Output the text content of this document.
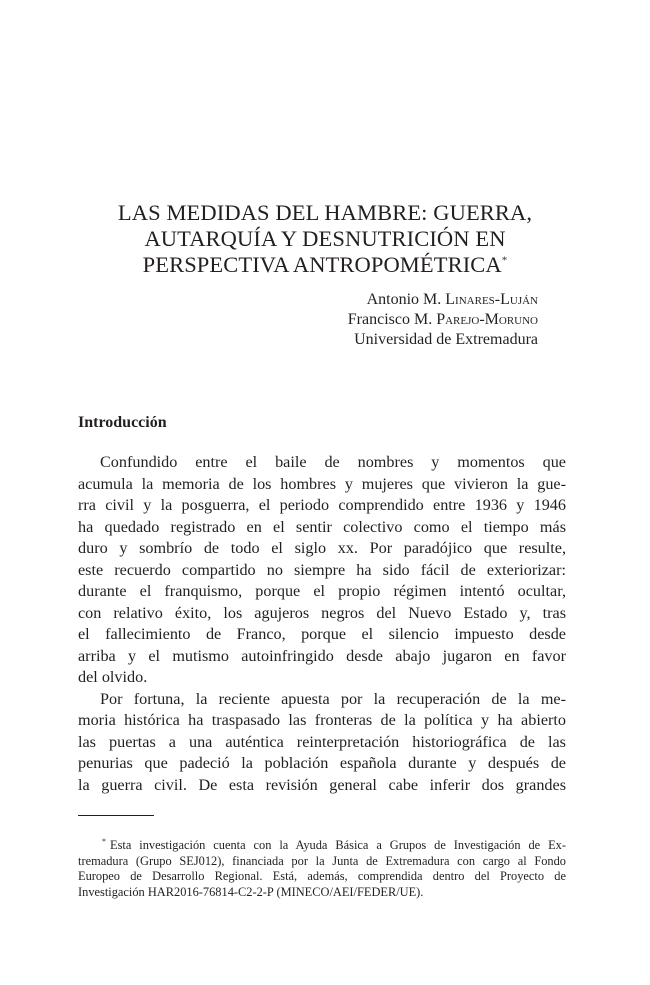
LAS MEDIDAS DEL HAMBRE: GUERRA,
AUTARQUÍA Y DESNUTRICIÓN EN
PERSPECTIVA ANTROPOMÉTRICA*
Antonio M. Linares-Luján
Francisco M. Parejo-Moruno
Universidad de Extremadura
Introducción
Confundido entre el baile de nombres y momentos que
acumula la memoria de los hombres y mujeres que vivieron la gue-
rra civil y la posguerra, el periodo comprendido entre 1936 y 1946
ha quedado registrado en el sentir colectivo como el tiempo más
duro y sombrío de todo el siglo xx. Por paradójico que resulte,
este recuerdo compartido no siempre ha sido fácil de exteriorizar:
durante el franquismo, porque el propio régimen intentó ocultar,
con relativo éxito, los agujeros negros del Nuevo Estado y, tras
el fallecimiento de Franco, porque el silencio impuesto desde
arriba y el mutismo autoinfringido desde abajo jugaron en favor
del olvido.
Por fortuna, la reciente apuesta por la recuperación de la me-
moria histórica ha traspasado las fronteras de la política y ha abierto
las puertas a una auténtica reinterpretación historiográfica de las
penurias que padeció la población española durante y después de
la guerra civil. De esta revisión general cabe inferir dos grandes
* Esta investigación cuenta con la Ayuda Básica a Grupos de Investigación de Ex-
tremadura (Grupo SEJ012), financiada por la Junta de Extremadura con cargo al Fondo
Europeo de Desarrollo Regional. Está, además, comprendida dentro del Proyecto de
Investigación HAR2016-76814-C2-2-P (MINECO/AEI/FEDER/UE).
